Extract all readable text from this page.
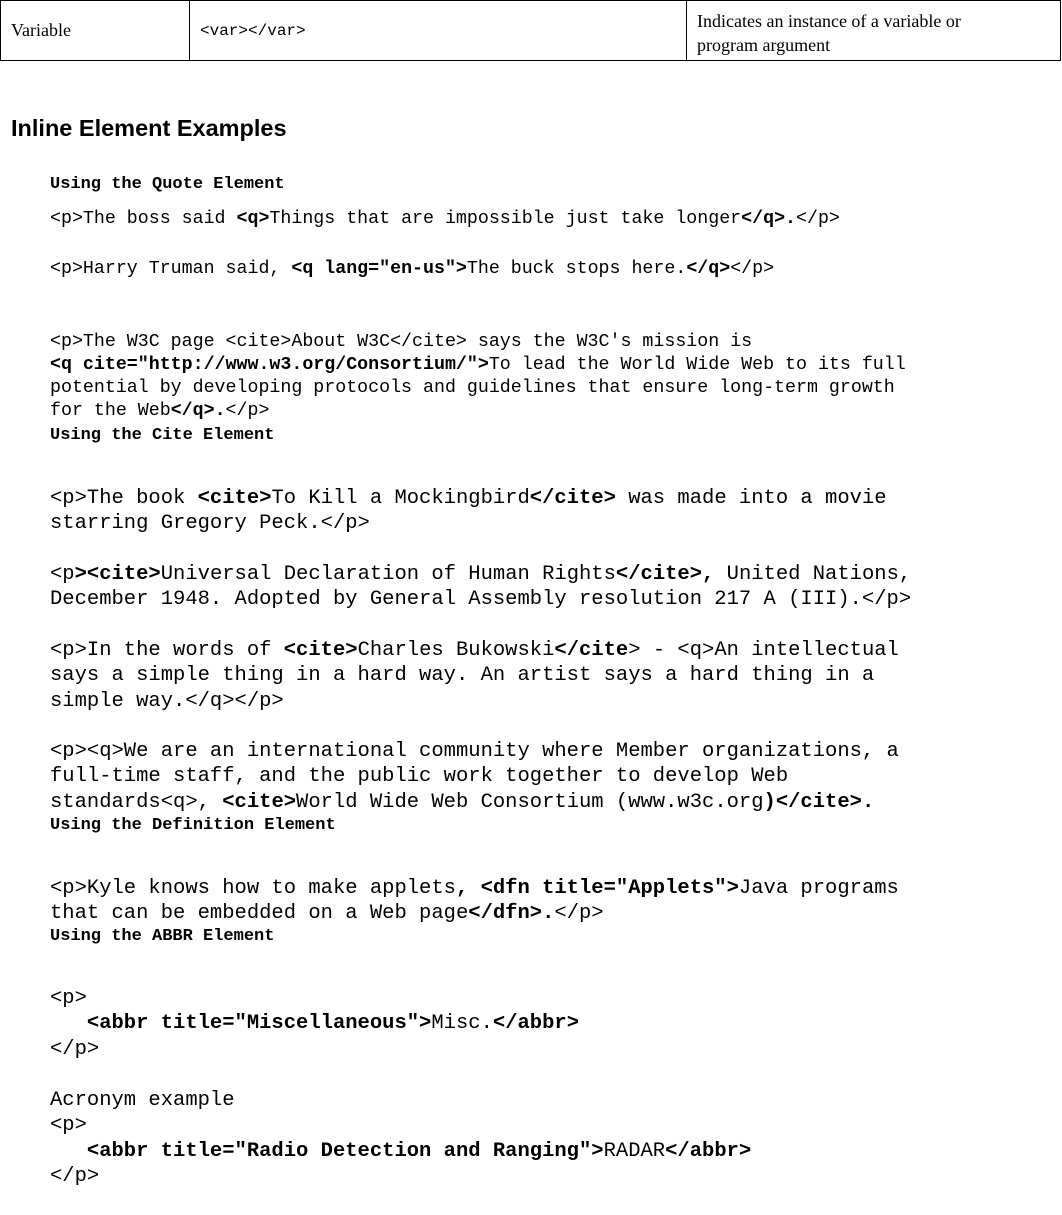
Variable	<var></var>	Indicates an instance of a variable or
program argument
Inline Element Examples
Using the Quote Element
<p>The boss said <q>Things that are impossible just take longer</q>.</p>
<p>Harry Truman said, <q lang="en-us">The buck stops here.</q></p>

<p>The W3C page <cite>About W3C</cite> says the W3C's mission is
<q cite="http://www.w3.org/Consortium/">To lead the World Wide Web to its full
potential by developing protocols and guidelines that ensure long-term growth
for the Web</q>.</p>

Using the Cite Element

<p>The book <cite>To Kill a Mockingbird</cite> was made into a movie
starring Gregory Peck.</p>

<p><cite>Universal Declaration of Human Rights</cite>, United Nations,
December 1948. Adopted by General Assembly resolution 217 A (III).</p>

<p>In the words of <cite>Charles Bukowski</cite> - <q>An intellectual
says a simple thing in a hard way. An artist says a hard thing in a
simple way.</q></p>

<p><q>We are an international community where Member organizations, a
full-time staff, and the public work together to develop Web
standards<q>, <cite>World Wide Web Consortium (www.w3c.org)</cite>.

Using the Definition Element

<p>Kyle knows how to make applets, <dfn title="Applets">Java programs
that can be embedded on a Web page</dfn>.</p>

Using the ABBR Element

<p>
<abbr title="Miscellaneous">Misc.</abbr>
</p>

Acronym example
<p>
<abbr title="Radio Detection and Ranging">RADAR</abbr>
</p>
